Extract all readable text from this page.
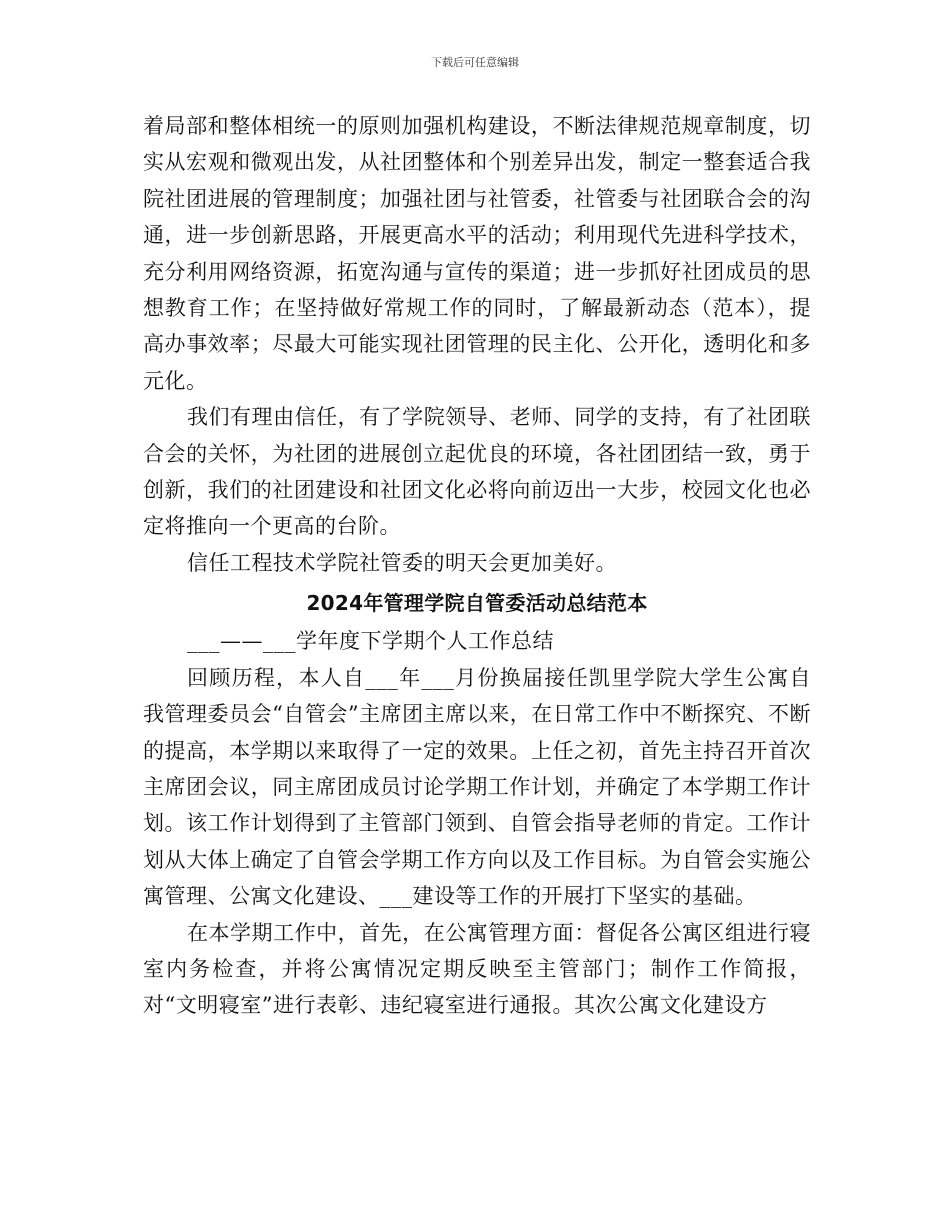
下载后可任意编辑

着局部和整体相统一的原则加强机构建设，不断法律规范规章制度，切实从宏观和微观出发，从社团整体和个别差异出发，制定一整套适合我院社团进展的管理制度；加强社团与社管委，社管委与社团联合会的沟通，进一步创新思路，开展更高水平的活动；利用现代先进科学技术，充分利用网络资源，拓宽沟通与宣传的渠道；进一步抓好社团成员的思想教育工作；在坚持做好常规工作的同时，了解最新动态（范本），提高办事效率；尽最大可能实现社团管理的民主化、公开化，透明化和多元化。

我们有理由信任，有了学院领导、老师、同学的支持，有了社团联合会的关怀，为社团的进展创立起优良的环境，各社团团结一致，勇于创新，我们的社团建设和社团文化必将向前迈出一大步，校园文化也必定将推向一个更高的台阶。

信任工程技术学院社管委的明天会更加美好。

2024年管理学院自管委活动总结范本

___——___学年度下学期个人工作总结

回顾历程，本人自___年___月份换届接任凯里学院大学生公寓自我管理委员会“自管会”主席团主席以来，在日常工作中不断探究、不断的提高，本学期以来取得了一定的效果。上任之初，首先主持召开首次主席团会议，同主席团成员讨论学期工作计划，并确定了本学期工作计划。该工作计划得到了主管部门领到、自管会指导老师的肯定。工作计划从大体上确定了自管会学期工作方向以及工作目标。为自管会实施公寓管理、公寓文化建设、___建设等工作的开展打下坚实的基础。

在本学期工作中，首先，在公寓管理方面：督促各公寓区组进行寝室内务检查，并将公寓情况定期反映至主管部门；制作工作简报，对“文明寝室”进行表彰、违纪寝室进行通报。其次公寓文化建设方
